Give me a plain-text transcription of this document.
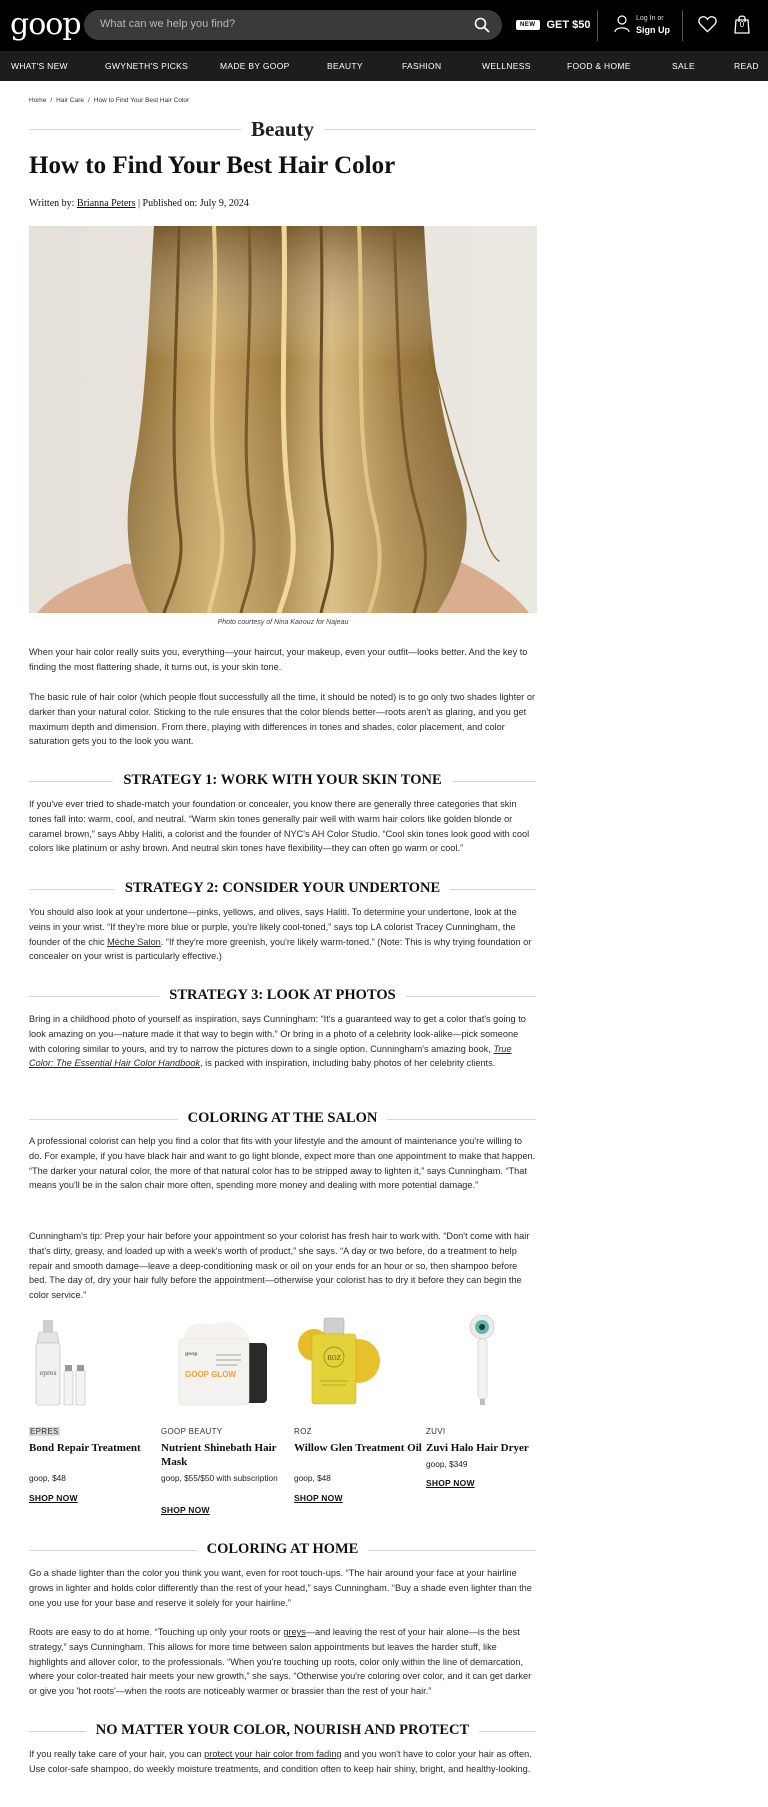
goop What can we help you find?	NEW	GET $50
Log In or
Sign Up
0
WHAT'S NEW	GWYNETH'S PICKS	MADE BY GOOP	BEAUTY	FASHION	WELLNESS	FOOD & HOME	SALE	READ
Home / Hair Care / How to Find Your Best Hair Color
Beauty
How to Find Your Best Hair Color
Written by: Brianna Peters | Published on: July 9, 2024
Photo courtesy of Nina Kairouz for Najeau

When your hair color really suits you, everything—your haircut, your makeup, even your outfit—looks better. And the key to finding the most flattering shade, it turns out, is your skin tone.

The basic rule of hair color (which people flout successfully all the time, it should be noted) is to go only two shades lighter or darker than your natural color. Sticking to the rule ensures that the color blends better—roots aren't as glaring, and you get maximum depth and dimension. From there, playing with differences in tones and shades, color placement, and color saturation gets you to the look you want.

STRATEGY 1: WORK WITH YOUR SKIN TONE

If you've ever tried to shade-match your foundation or concealer, you know there are generally three categories that skin tones fall into: warm, cool, and neutral. “Warm skin tones generally pair well with warm hair colors like golden blonde or caramel brown,” says Abby Haliti, a colorist and the founder of NYC's AH Color Studio. “Cool skin tones look good with cool colors like platinum or ashy brown. And neutral skin tones have flexibility—they can often go warm or cool.”

STRATEGY 2: CONSIDER YOUR UNDERTONE

You should also look at your undertone—pinks, yellows, and olives, says Haliti. To determine your undertone, look at the veins in your wrist. “If they're more blue or purple, you're likely cool-toned,” says top LA colorist Tracey Cunningham, the founder of the chic Mèche Salon. “If they're more greenish, you're likely warm-toned.” (Note: This is why trying foundation or concealer on your wrist is particularly effective.)

STRATEGY 3: LOOK AT PHOTOS

Bring in a childhood photo of yourself as inspiration, says Cunningham: “It's a guaranteed way to get a color that's going to look amazing on you—nature made it that way to begin with.” Or bring in a photo of a celebrity look-alike—pick someone with coloring similar to yours, and try to narrow the pictures down to a single option. Cunningham's amazing book, True Color: The Essential Hair Color Handbook, is packed with inspiration, including baby photos of her celebrity clients.

COLORING AT THE SALON

A professional colorist can help you find a color that fits with your lifestyle and the amount of maintenance you're willing to do. For example, if you have black hair and want to go light blonde, expect more than one appointment to make that happen. “The darker your natural color, the more of that natural color has to be stripped away to lighten it,” says Cunningham. “That means you'll be in the salon chair more often, spending more money and dealing with more potential damage.”

Cunningham's tip: Prep your hair before your appointment so your colorist has fresh hair to work with. “Don't come with hair that's dirty, greasy, and loaded up with a week's worth of product,” she says. “A day or two before, do a treatment to help repair and smooth damage—leave a deep-conditioning mask or oil on your ends for an hour or so, then shampoo before bed. The day of, dry your hair fully before the appointment—otherwise your colorist has to dry it before they can begin the color service.”

epres
EPRES
Bond Repair Treatment
goop, $48
SHOP NOW
goop
GOOP GLOW
GOOP BEAUTY
Nutrient Shinebath Hair Mask
goop, $55/$50 with subscription
SHOP NOW
ROZ
ROZ
Willow Glen Treatment Oil
goop, $48
SHOP NOW
ZUVI
Zuvi Halo Hair Dryer
goop, $349
SHOP NOW
COLORING AT HOME

Go a shade lighter than the color you think you want, even for root touch-ups. “The hair around your face at your hairline grows in lighter and holds color differently than the rest of your head,” says Cunningham. “Buy a shade even lighter than the one you use for your base and reserve it solely for your hairline.”

Roots are easy to do at home. “Touching up only your roots or greys—and leaving the rest of your hair alone—is the best strategy,” says Cunningham. This allows for more time between salon appointments but leaves the harder stuff, like highlights and allover color, to the professionals. “When you're touching up roots, color only within the line of demarcation, where your color-treated hair meets your new growth,” she says. “Otherwise you're coloring over color, and it can get darker or give you 'hot roots'—when the roots are noticeably warmer or brassier than the rest of your hair.”

NO MATTER YOUR COLOR, NOURISH AND PROTECT

If you really take care of your hair, you can protect your hair color from fading and you won't have to color your hair as often. Use color-safe shampoo, do weekly moisture treatments, and condition often to keep hair shiny, bright, and healthy-looking.
